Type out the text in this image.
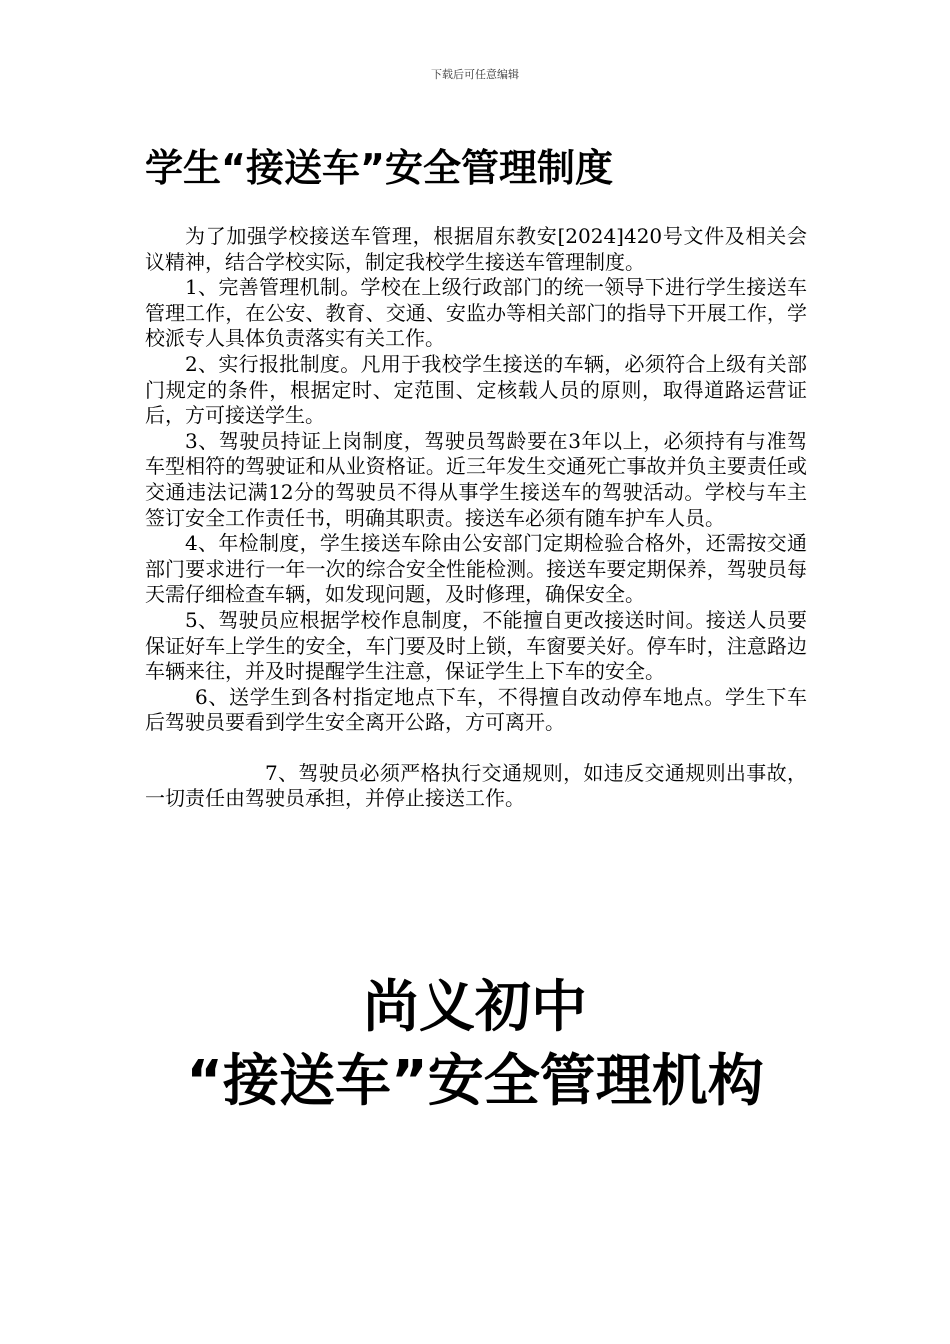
下载后可任意编辑
学生“接送车”安全管理制度

为了加强学校接送车管理，根据眉东教安[2024]420号文件及相关会议精神，结合学校实际，制定我校学生接送车管理制度。

1、完善管理机制。学校在上级行政部门的统一领导下进行学生接送车管理工作，在公安、教育、交通、安监办等相关部门的指导下开展工作，学校派专人具体负责落实有关工作。

2、实行报批制度。凡用于我校学生接送的车辆，必须符合上级有关部门规定的条件，根据定时、定范围、定核载人员的原则，取得道路运营证后，方可接送学生。

3、驾驶员持证上岗制度，驾驶员驾龄要在3年以上，必须持有与准驾车型相符的驾驶证和从业资格证。近三年发生交通死亡事故并负主要责任或交通违法记满12分的驾驶员不得从事学生接送车的驾驶活动。学校与车主签订安全工作责任书，明确其职责。接送车必须有随车护车人员。

4、年检制度，学生接送车除由公安部门定期检验合格外，还需按交通部门要求进行一年一次的综合安全性能检测。接送车要定期保养，驾驶员每天需仔细检查车辆，如发现问题，及时修理，确保安全。

5、驾驶员应根据学校作息制度，不能擅自更改接送时间。接送人员要保证好车上学生的安全，车门要及时上锁，车窗要关好。停车时，注意路边车辆来往，并及时提醒学生注意，保证学生上下车的安全。

6、送学生到各村指定地点下车，不得擅自改动停车地点。学生下车后驾驶员要看到学生安全离开公路，方可离开。

7、驾驶员必须严格执行交通规则，如违反交通规则出事故，一切责任由驾驶员承担，并停止接送工作。

尚义初中
“接送车”安全管理机构
